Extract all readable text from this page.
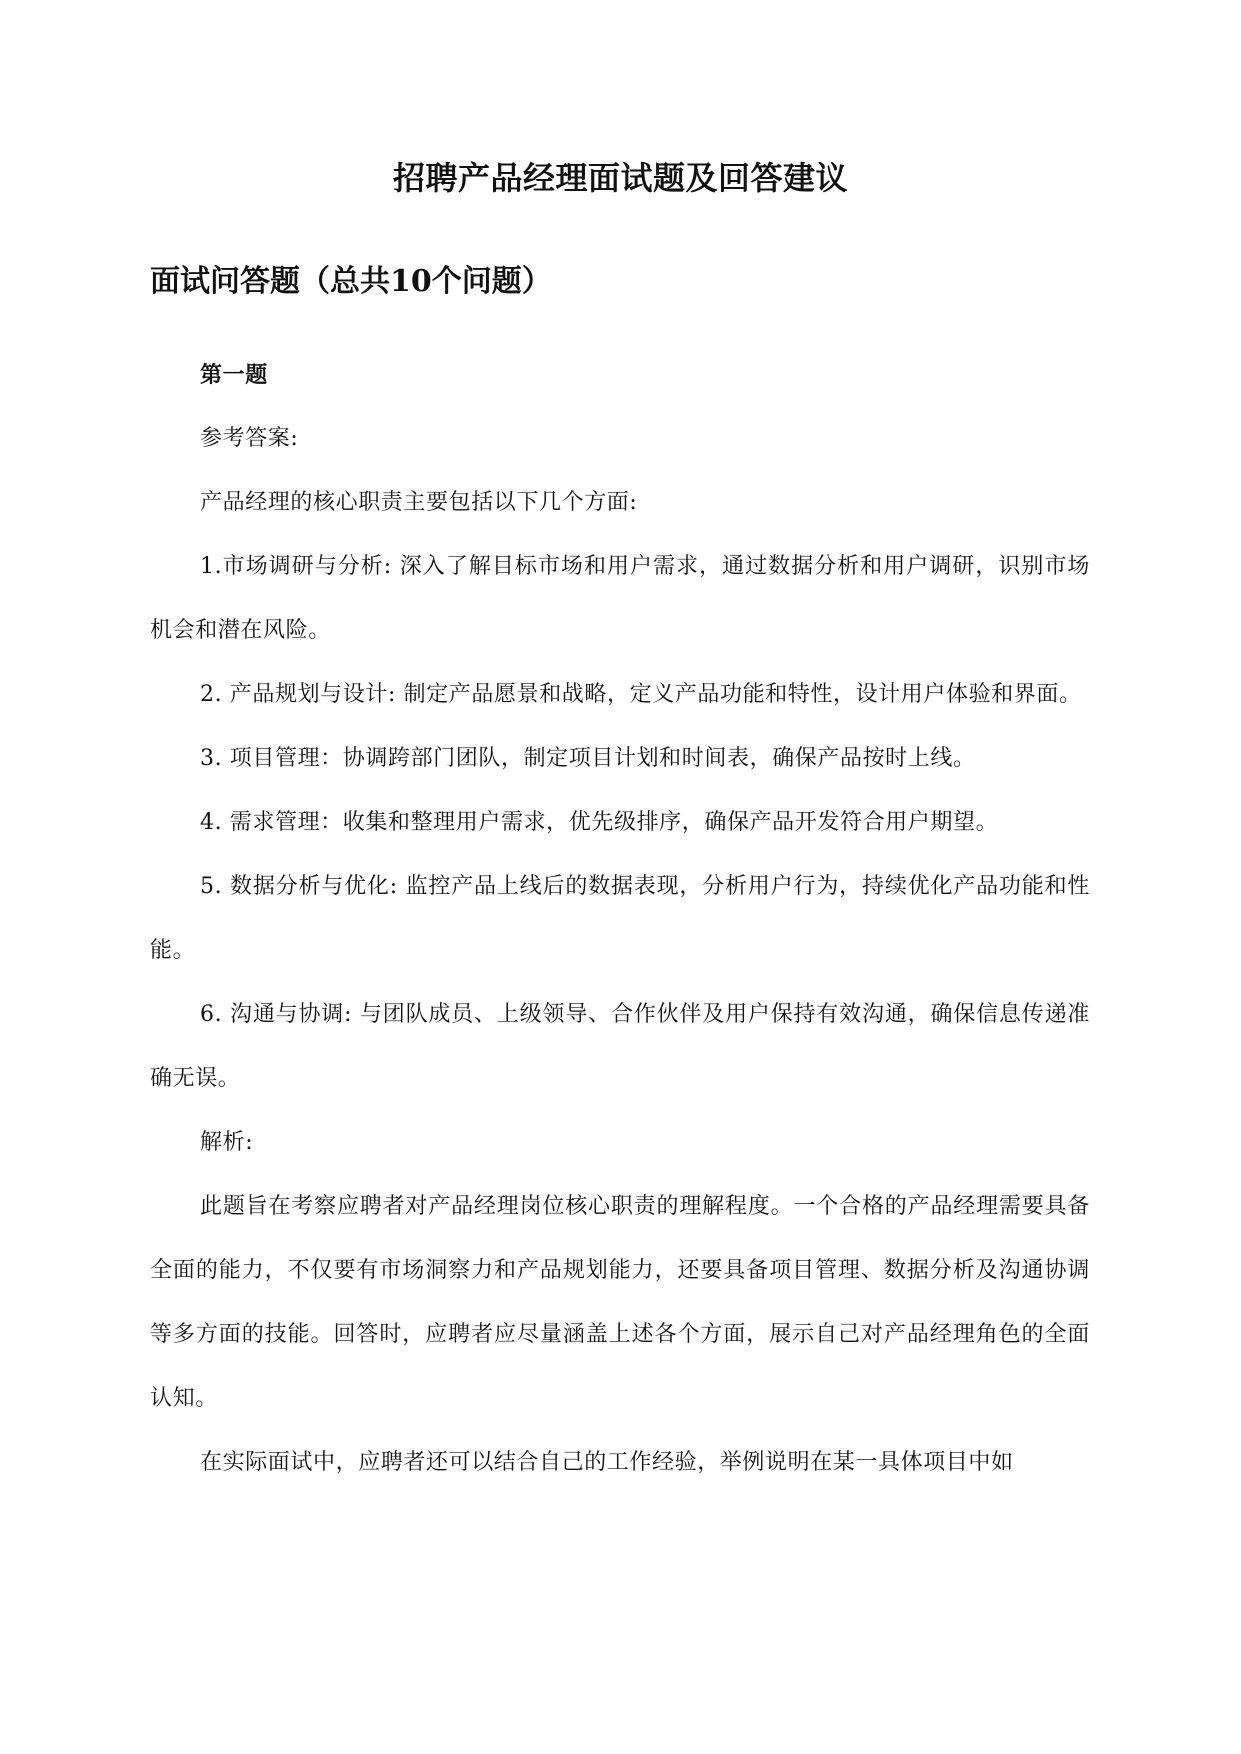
招聘产品经理面试题及回答建议
面试问答题（总共10个问题）

第一题

参考答案:

产品经理的核心职责主要包括以下几个方面:

1.市场调研与分析: 深入了解目标市场和用户需求，通过数据分析和用户调研，识别市场机会和潜在风险。

2. 产品规划与设计: 制定产品愿景和战略，定义产品功能和特性，设计用户体验和界面。

3. 项目管理：协调跨部门团队，制定项目计划和时间表，确保产品按时上线。

4. 需求管理：收集和整理用户需求，优先级排序，确保产品开发符合用户期望。

5. 数据分析与优化: 监控产品上线后的数据表现，分析用户行为，持续优化产品功能和性能。

6. 沟通与协调: 与团队成员、上级领导、合作伙伴及用户保持有效沟通，确保信息传递准确无误。

解析:

此题旨在考察应聘者对产品经理岗位核心职责的理解程度。一个合格的产品经理需要具备全面的能力，不仅要有市场洞察力和产品规划能力，还要具备项目管理、数据分析及沟通协调等多方面的技能。回答时，应聘者应尽量涵盖上述各个方面，展示自己对产品经理角色的全面认知。

在实际面试中，应聘者还可以结合自己的工作经验，举例说明在某一具体项目中如
